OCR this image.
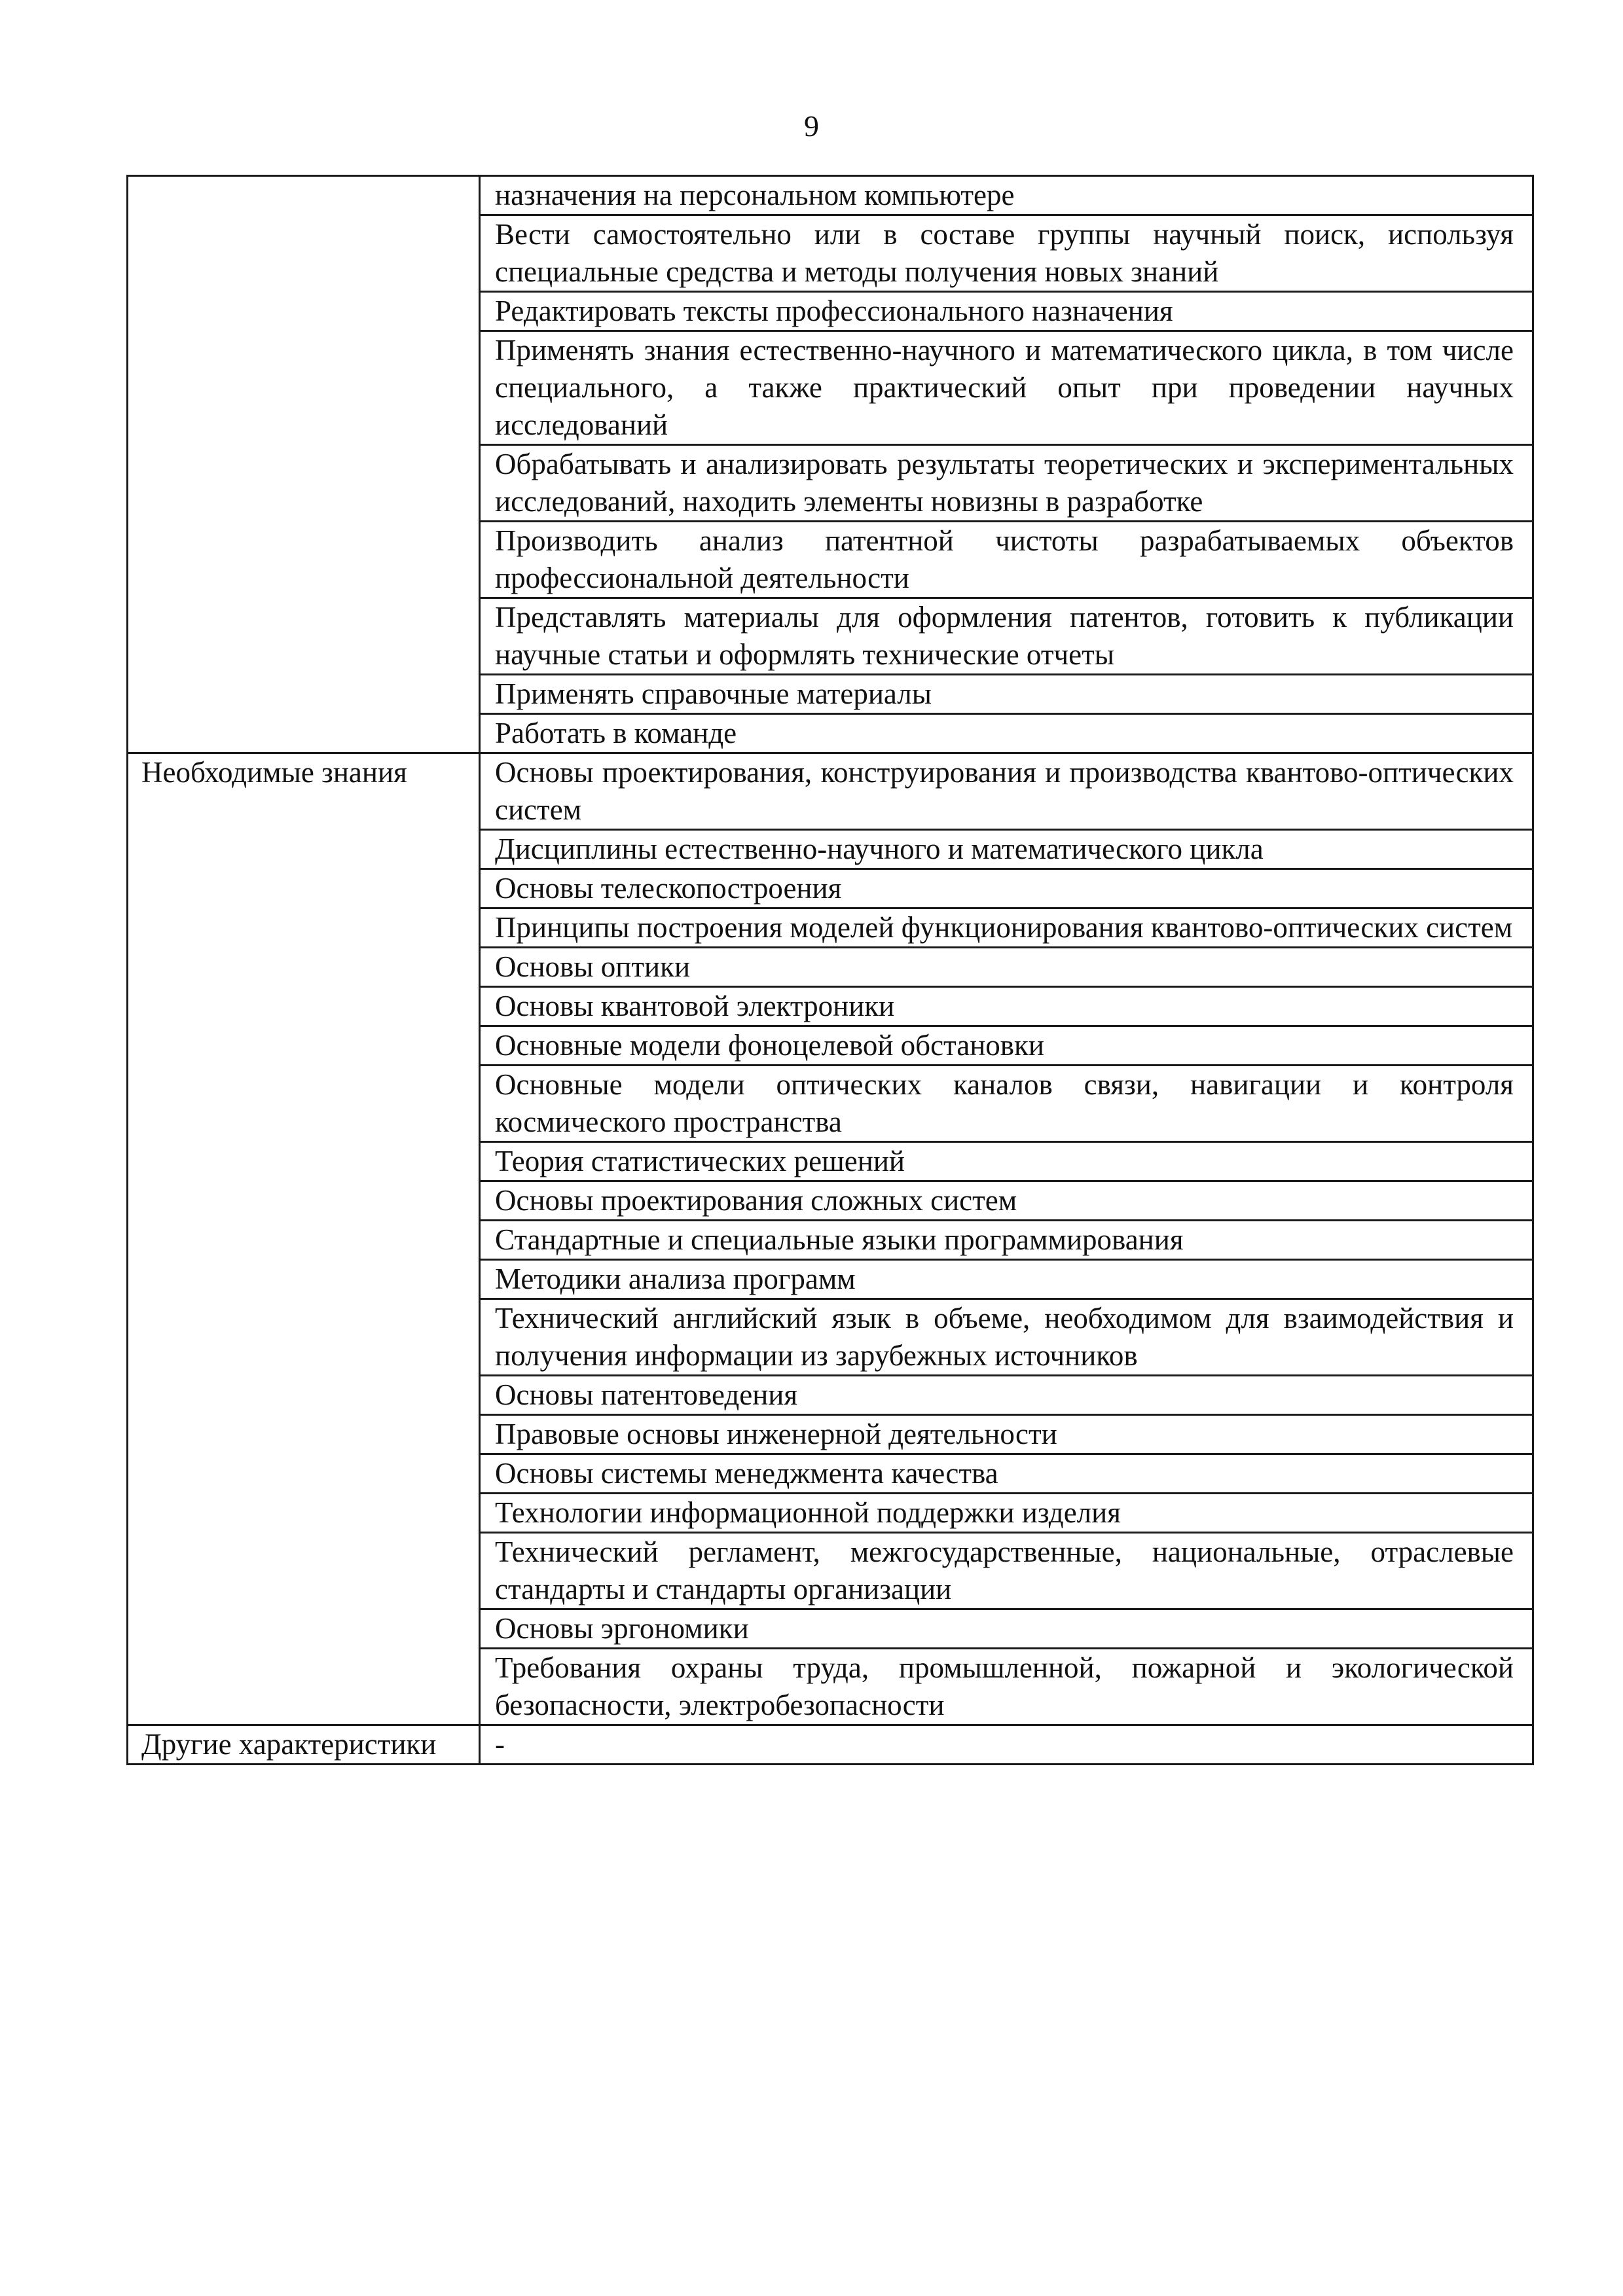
9
	назначения на персональном компьютере
	Вести самостоятельно или в составе группы научный поиск, используя специальные средства и методы получения новых знаний
	Редактировать тексты профессионального назначения
	Применять знания естественно-научного и математического цикла, в том числе специального, а также практический опыт при проведении научных исследований
	Обрабатывать и анализировать результаты теоретических и экспериментальных исследований, находить элементы новизны в разработке
	Производить анализ патентной чистоты разрабатываемых объектов профессиональной деятельности
	Представлять материалы для оформления патентов, готовить к публикации научные статьи и оформлять технические отчеты
	Применять справочные материалы
	Работать в команде
Необходимые знания	Основы проектирования, конструирования и производства квантово-оптических систем
	Дисциплины естественно-научного и математического цикла
	Основы телескопостроения
	Принципы построения моделей функционирования квантово-оптических систем
	Основы оптики
	Основы квантовой электроники
	Основные модели фоноцелевой обстановки
	Основные модели оптических каналов связи, навигации и контроля космического пространства
	Теория статистических решений
	Основы проектирования сложных систем
	Стандартные и специальные языки программирования
	Методики анализа программ
	Технический английский язык в объеме, необходимом для взаимодействия и получения информации из зарубежных источников
	Основы патентоведения
	Правовые основы инженерной деятельности
	Основы системы менеджмента качества
	Технологии информационной поддержки изделия
	Технический регламент, межгосударственные, национальные, отраслевые стандарты и стандарты организации
	Основы эргономики
	Требования охраны труда, промышленной, пожарной и экологической безопасности, электробезопасности
Другие характеристики	-
